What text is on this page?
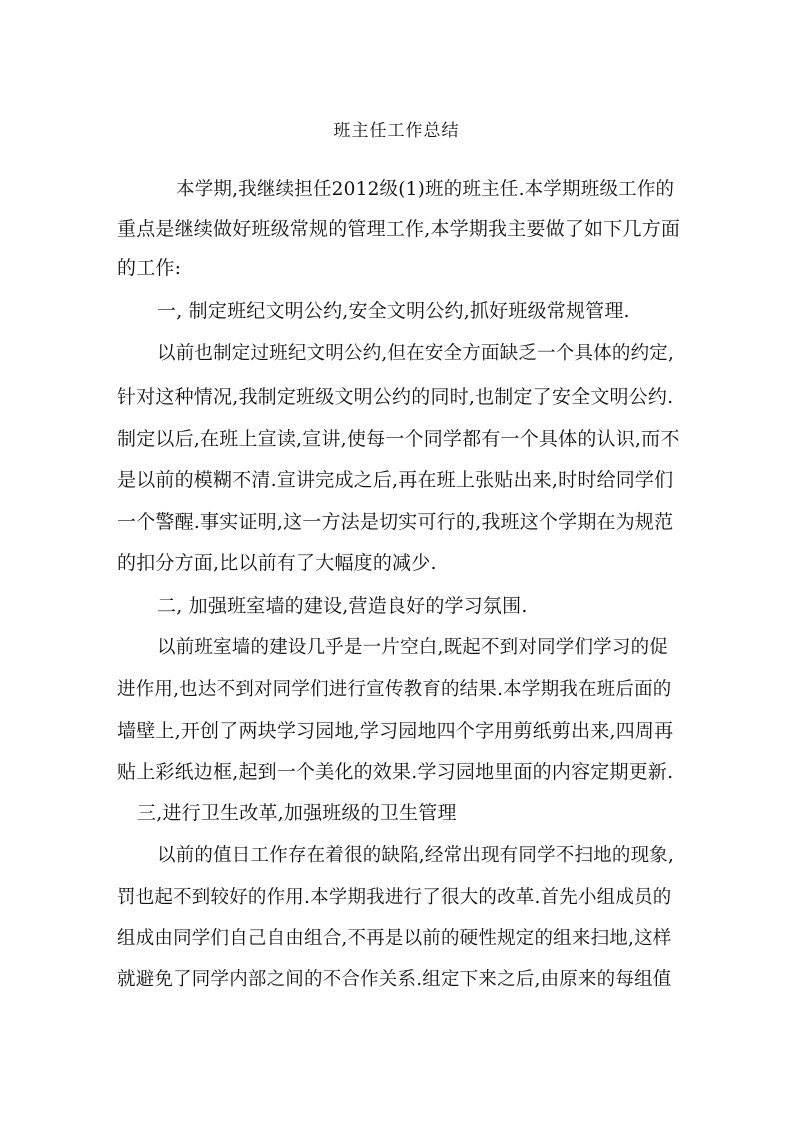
班主任工作总结
本学期,我继续担任2012级(1)班的班主任.本学期班级工作的
重点是继续做好班级常规的管理工作,本学期我主要做了如下几方面
的工作:
一, 制定班纪文明公约,安全文明公约,抓好班级常规管理.
以前也制定过班纪文明公约,但在安全方面缺乏一个具体的约定,
针对这种情况,我制定班级文明公约的同时,也制定了安全文明公约.
制定以后,在班上宣读,宣讲,使每一个同学都有一个具体的认识,而不
是以前的模糊不清.宣讲完成之后,再在班上张贴出来,时时给同学们
一个警醒.事实证明,这一方法是切实可行的,我班这个学期在为规范
的扣分方面,比以前有了大幅度的减少.
二, 加强班室墙的建设,营造良好的学习氛围.
以前班室墙的建设几乎是一片空白,既起不到对同学们学习的促
进作用,也达不到对同学们进行宣传教育的结果.本学期我在班后面的
墙壁上,开创了两块学习园地,学习园地四个字用剪纸剪出来,四周再
贴上彩纸边框,起到一个美化的效果.学习园地里面的内容定期更新.
三,进行卫生改革,加强班级的卫生管理
以前的值日工作存在着很的缺陷,经常出现有同学不扫地的现象,
罚也起不到较好的作用.本学期我进行了很大的改革.首先小组成员的
组成由同学们自己自由组合,不再是以前的硬性规定的组来扫地,这样
就避免了同学内部之间的不合作关系.组定下来之后,由原来的每组值
